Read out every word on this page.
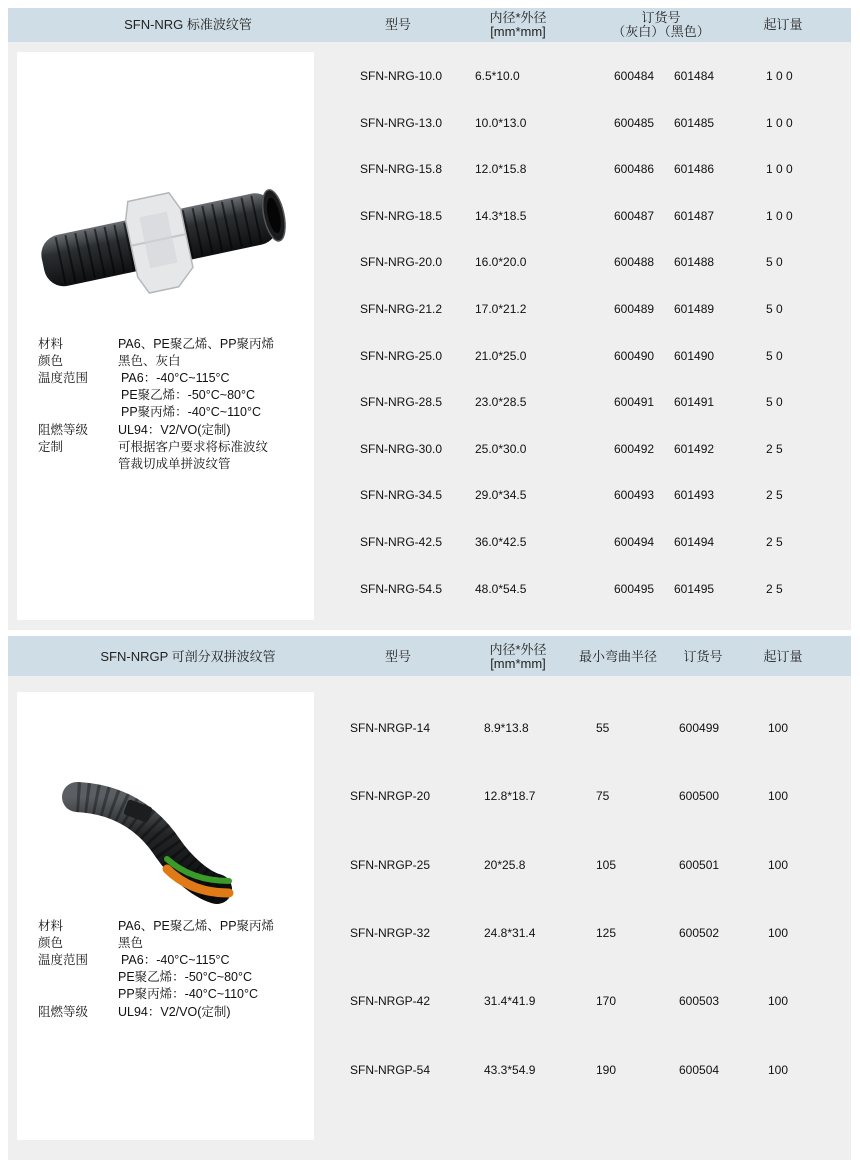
SFN-NRG 标准波纹管	型号	内径*外径
[mm*mm]
订货号
（灰白）（黑色）	起订量
材料	PA6、PE聚乙烯、PP聚丙烯
颜色	黑色、灰白
温度范围	PA6：-40°C~115°C
PE聚乙烯：-50°C~80°C
PP聚丙烯：-40°C~110°C
阻燃等级 UL94：V2/VO(定制)
定制	可根据客户要求将标准波纹
管裁切成单拼波纹管
SFN-NRG-10.0	6.5*10.0	600484 601484	1 0 0
SFN-NRG-13.0	10.0*13.0	600485 601485	1 0 0
SFN-NRG-15.8	12.0*15.8	600486 601486	1 0 0
SFN-NRG-18.5	14.3*18.5	600487 601487	1 0 0
SFN-NRG-20.0	16.0*20.0	600488 601488	5 0
SFN-NRG-21.2	17.0*21.2	600489 601489	5 0
SFN-NRG-25.0	21.0*25.0	600490 601490	5 0
SFN-NRG-28.5	23.0*28.5	600491 601491	5 0
SFN-NRG-30.0	25.0*30.0	600492 601492	2 5
SFN-NRG-34.5	29.0*34.5	600493 601493	2 5
SFN-NRG-42.5	36.0*42.5	600494 601494	2 5
SFN-NRG-54.5	48.0*54.5	600495 601495	2 5
SFN-NRGP 可剖分双拼波纹管	型号	内径*外径
[mm*mm]	最小弯曲半径	订货号	起订量
材料	PA6、PE聚乙烯、PP聚丙烯
颜色	黑色
温度范围	PA6：-40°C~115°C
PE聚乙烯：-50°C~80°C
PP聚丙烯：-40°C~110°C
阻燃等级 UL94：V2/VO(定制)
SFN-NRGP-14	8.9*13.8	55	600499	100
SFN-NRGP-20	12.8*18.7	75	600500	100
SFN-NRGP-25	20*25.8	105	600501	100
SFN-NRGP-32	24.8*31.4	125	600502	100
SFN-NRGP-42	31.4*41.9	170	600503	100
SFN-NRGP-54	43.3*54.9	190	600504	100
